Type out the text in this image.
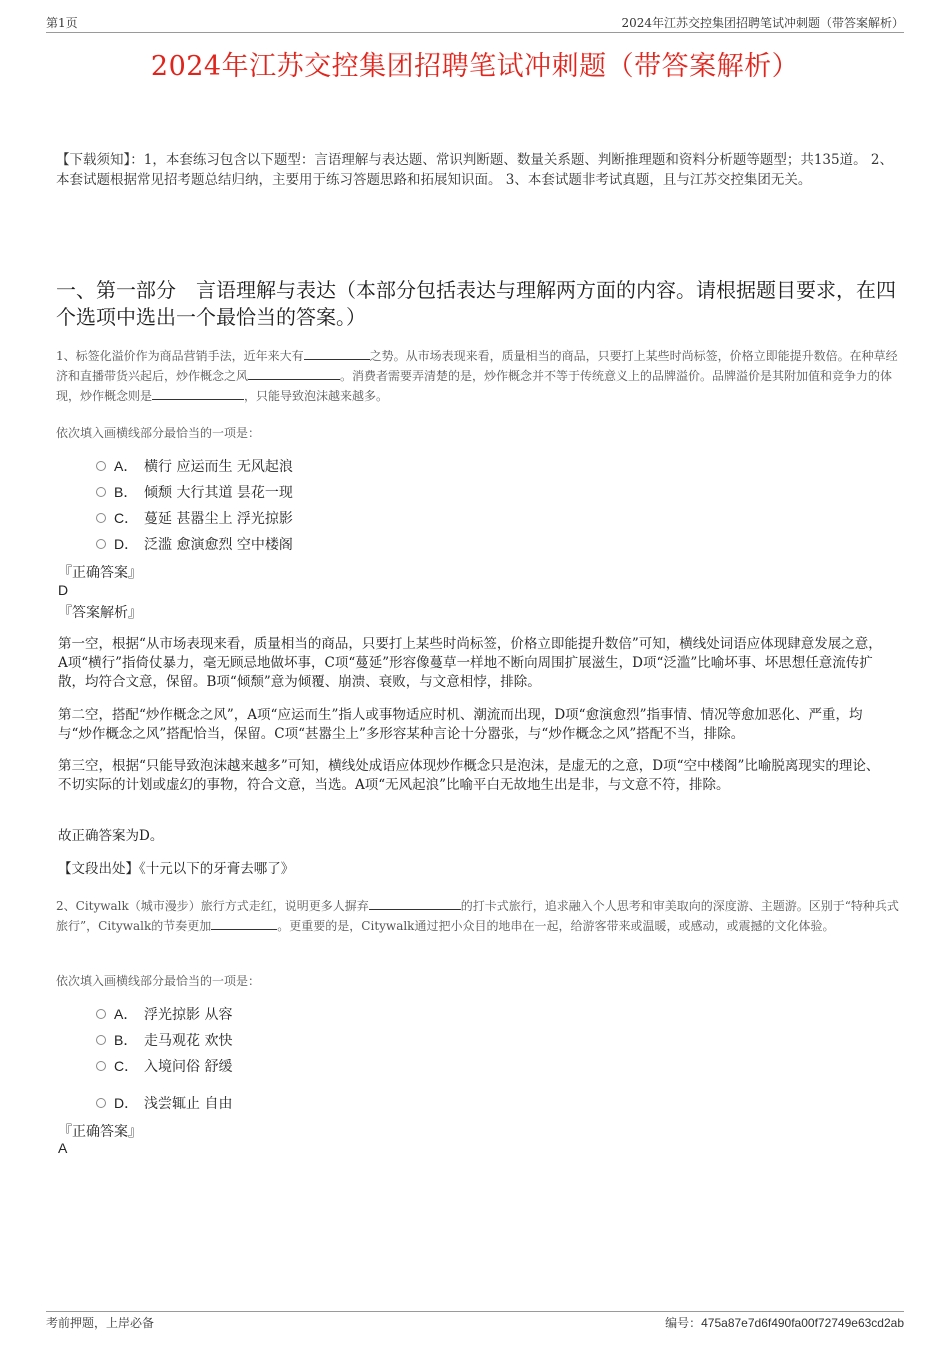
第1页	2024年江苏交控集团招聘笔试冲刺题（带答案解析）
2024年江苏交控集团招聘笔试冲刺题（带答案解析）
【下载须知】：1，本套练习包含以下题型：言语理解与表达题、常识判断题、数量关系题、判断推理题和资料分析题等题型；共135道。 2、本套试题根据常见招考题总结归纳，主要用于练习答题思路和拓展知识面。 3、本套试题非考试真题，且与江苏交控集团无关。
一、第一部分　言语理解与表达（本部分包括表达与理解两方面的内容。请根据题目要求，在四个选项中选出一个最恰当的答案。）
1、标签化溢价作为商品营销手法，近年来大有	之势。从市场表现来看，质量相当的商品，只要打上某些时尚标签，价格立即能提升数倍。在种草经济和直播带货兴起后，炒作概念之风	。消费者需要弄清楚的是，炒作概念并不等于传统意义上的品牌溢价。品牌溢价是其附加值和竞争力的体现，炒作概念则是	，只能导致泡沫越来越多。
依次填入画横线部分最恰当的一项是：
A． 横行 应运而生 无风起浪
B． 倾颓 大行其道 昙花一现
C． 蔓延 甚嚣尘上 浮光掠影
D． 泛滥 愈演愈烈 空中楼阁
『正确答案』
D
『答案解析』
第一空，根据“从市场表现来看，质量相当的商品，只要打上某些时尚标签，价格立即能提升数倍”可知，横线处词语应体现肆意发展之意，A项“横行”指倚仗暴力，毫无顾忌地做坏事，C项“蔓延”形容像蔓草一样地不断向周围扩展滋生，D项“泛滥”比喻坏事、坏思想任意流传扩散，均符合文意，保留。B项“倾颓”意为倾覆、崩溃、衰败，与文意相悖，排除。
第二空，搭配“炒作概念之风”，A项“应运而生”指人或事物适应时机、潮流而出现，D项“愈演愈烈”指事情、情况等愈加恶化、严重，均与“炒作概念之风”搭配恰当，保留。C项“甚嚣尘上”多形容某种言论十分嚣张，与“炒作概念之风”搭配不当，排除。
第三空，根据“只能导致泡沫越来越多”可知，横线处成语应体现炒作概念只是泡沫，是虚无的之意，D项“空中楼阁”比喻脱离现实的理论、不切实际的计划或虚幻的事物，符合文意，当选。A项“无风起浪”比喻平白无故地生出是非，与文意不符，排除。
故正确答案为D。
【文段出处】《十元以下的牙膏去哪了》
2、Citywalk（城市漫步）旅行方式走红，说明更多人摒弃	的打卡式旅行，追求融入个人思考和审美取向的深度游、主题游。区别于“特种兵式旅行”，Citywalk的节奏更加	。更重要的是，Citywalk通过把小众目的地串在一起，给游客带来或温暖，或感动，或震撼的文化体验。
依次填入画横线部分最恰当的一项是：
A． 浮光掠影 从容
B． 走马观花 欢快
C． 入境问俗 舒缓
D． 浅尝辄止 自由
『正确答案』
A
考前押题，上岸必备	编号：475a87e7d6f490fa00f72749e63cd2ab
